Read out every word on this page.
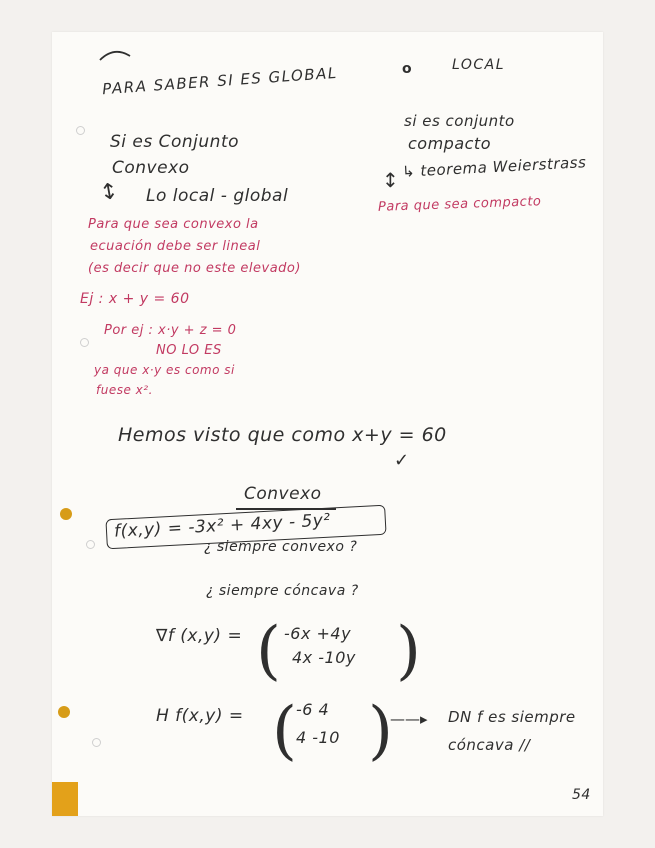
PARA SABER SI ES GLOBAL	o	LOCAL
Si es Conjunto
Convexo
↕ Lo local - global
si es conjunto
compacto
↳ teorema Weierstrass
↕
Para que sea compacto
Para que sea convexo la
ecuación debe ser lineal
(es decir que no este elevado)
Ej : x + y = 60
Por ej : x·y + z = 0
NO LO ES
ya que x·y es como si
fuese x².
Hemos visto que como x+y = 60
✓
Convexo
f(x,y) = -3x² + 4xy - 5y²
¿ siempre convexo ?
¿ siempre cóncava ?
∇f (x,y) = ( -6x +4y
4x -10y )
H f(x,y) = ( -6 4
4 -10 )
——▸ DN f es siempre
cóncava //
54
